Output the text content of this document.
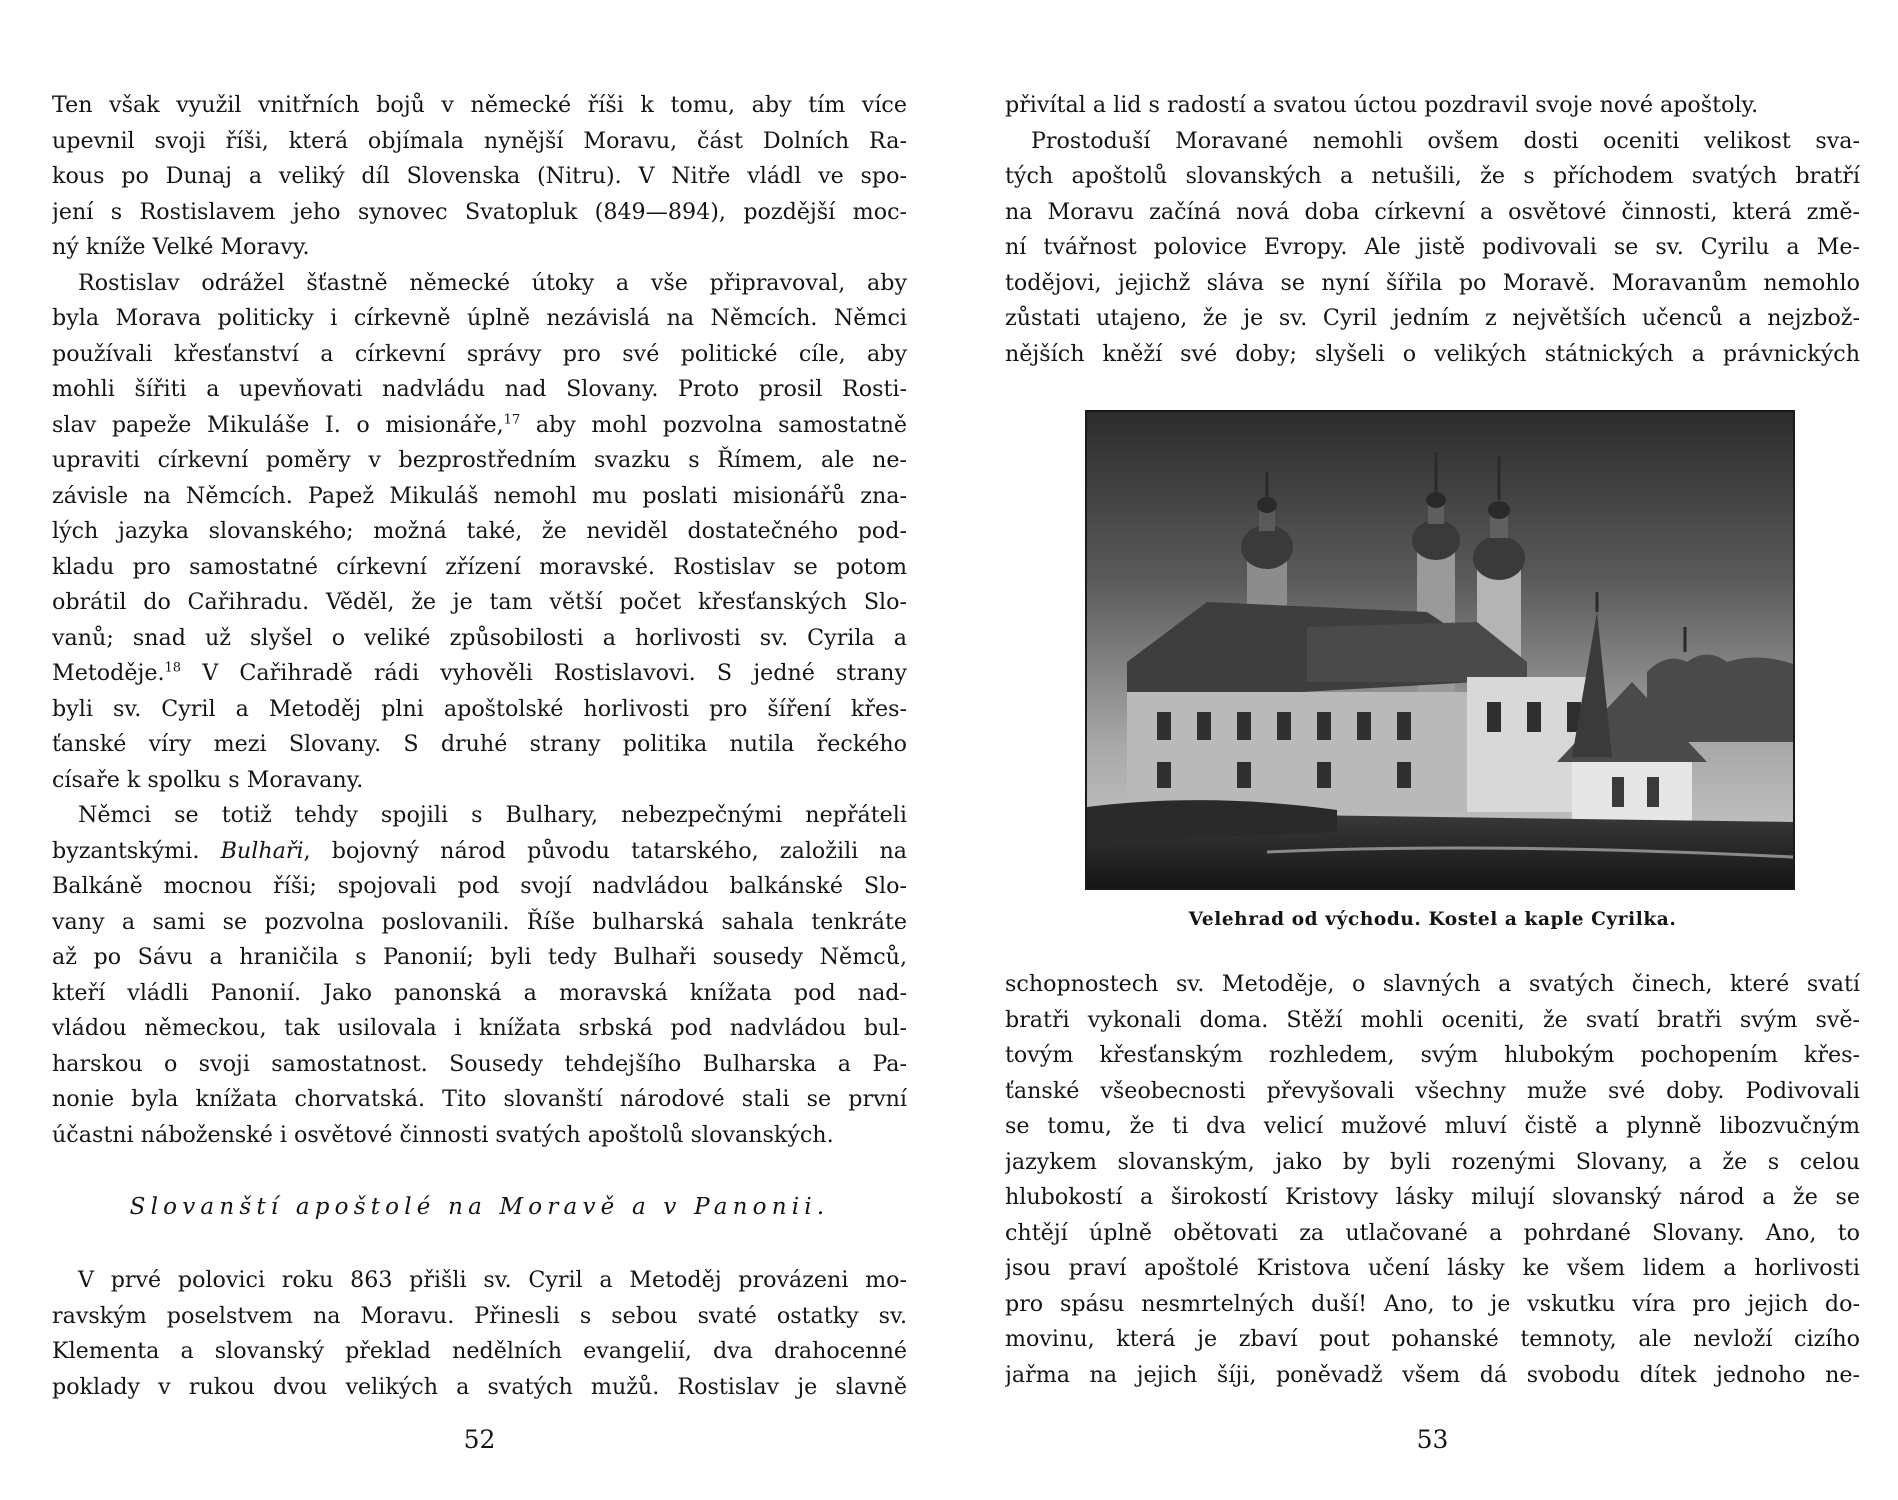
Ten však využil vnitřních bojů v německé říši k tomu, aby tím více
upevnil svoji říši, která objímala nynější Moravu, část Dolních Ra-
kous po Dunaj a veliký díl Slovenska (Nitru). V Nitře vládl ve spo-
jení s Rostislavem jeho synovec Svatopluk (849—894), pozdější moc-
ný kníže Velké Moravy.
Rostislav odrážel šťastně německé útoky a vše připravoval, aby
byla Morava politicky i církevně úplně nezávislá na Němcích. Němci
používali křesťanství a církevní správy pro své politické cíle, aby
mohli šířiti a upevňovati nadvládu nad Slovany. Proto prosil Rosti-
slav papeže Mikuláše I. o misionáře,$^{17}$ aby mohl pozvolna samostatně
upraviti církevní poměry v bezprostředním svazku s Římem, ale ne-
závisle na Němcích. Papež Mikuláš nemohl mu poslati misionářů zna-
lých jazyka slovanského; možná také, že neviděl dostatečného pod-
kladu pro samostatné církevní zřízení moravské. Rostislav se potom
obrátil do Cařihradu. Věděl, že je tam větší počet křesťanských Slo-
vanů; snad už slyšel o veliké způsobilosti a horlivosti sv. Cyrila a
Metoděje.$^{18}$ V Cařihradě rádi vyhověli Rostislavovi. S jedné strany
byli sv. Cyril a Metoděj plni apoštolské horlivosti pro šíření křes-
ťanské víry mezi Slovany. S druhé strany politika nutila řeckého
císaře k spolku s Moravany.
Němci se totiž tehdy spojili s Bulhary, nebezpečnými nepřáteli
byzantskými. Bulhaři, bojovný národ původu tatarského, založili na
Balkáně mocnou říši; spojovali pod svojí nadvládou balkánské Slo-
vany a sami se pozvolna poslovanili. Říše bulharská sahala tenkráte
až po Sávu a hraničila s Panonií; byli tedy Bulhaři sousedy Němců,
kteří vládli Panonií. Jako panonská a moravská knížata pod nad-
vládou německou, tak usilovala i knížata srbská pod nadvládou bul-
harskou o svoji samostatnost. Sousedy tehdejšího Bulharska a Pa-
nonie byla knížata chorvatská. Tito slovanští národové stali se první
účastni náboženské i osvětové činnosti svatých apoštolů slovanských.
Slovanští apoštolé na Moravě a v Panonii.
V prvé polovici roku 863 přišli sv. Cyril a Metoděj provázeni mo-
ravským poselstvem na Moravu. Přinesli s sebou svaté ostatky sv.
Klementa a slovanský překlad nedělních evangelií, dva drahocenné
poklady v rukou dvou velikých a svatých mužů. Rostislav je slavně
52
přivítal a lid s radostí a svatou úctou pozdravil svoje nové apoštoly.
Prostoduší Moravané nemohli ovšem dosti oceniti velikost sva-
tých apoštolů slovanských a netušili, že s příchodem svatých bratří
na Moravu začíná nová doba církevní a osvětové činnosti, která změ-
ní tvářnost polovice Evropy. Ale jistě podivovali se sv. Cyrilu a Me-
todějovi, jejichž sláva se nyní šířila po Moravě. Moravanům nemohlo
zůstati utajeno, že je sv. Cyril jedním z největších učenců a nejzbož-
nějších kněží své doby; slyšeli o velikých státnických a právnických
Velehrad od východu. Kostel a kaple Cyrilka.
schopnostech sv. Metoděje, o slavných a svatých činech, které svatí
bratři vykonali doma. Stěží mohli oceniti, že svatí bratři svým svě-
tovým křesťanským rozhledem, svým hlubokým pochopením křes-
ťanské všeobecnosti převyšovali všechny muže své doby. Podivovali
se tomu, že ti dva velicí mužové mluví čistě a plynně libozvučným
jazykem slovanským, jako by byli rozenými Slovany, a že s celou
hlubokostí a širokostí Kristovy lásky milují slovanský národ a že se
chtějí úplně obětovati za utlačované a pohrdané Slovany. Ano, to
jsou praví apoštolé Kristova učení lásky ke všem lidem a horlivosti
pro spásu nesmrtelných duší! Ano, to je vskutku víra pro jejich do-
movinu, která je zbaví pout pohanské temnoty, ale nevloží cizího
jařma na jejich šíji, poněvadž všem dá svobodu dítek jednoho ne-
53
